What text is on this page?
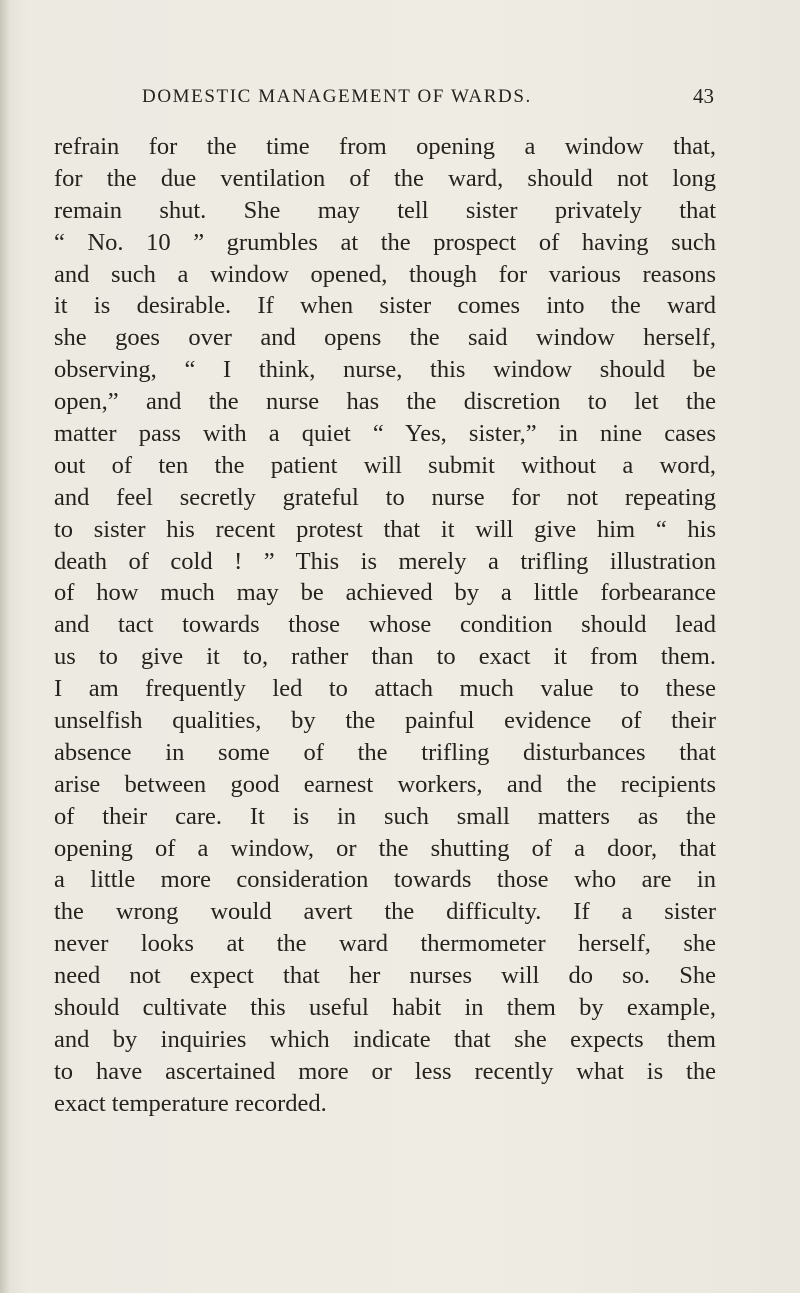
DOMESTIC MANAGEMENT OF WARDS.	43
refrain for the time from opening a window that,
for the due ventilation of the ward, should not long
remain shut. She may tell sister privately that
“ No. 10 ” grumbles at the prospect of having such
and such a window opened, though for various reasons
it is desirable. If when sister comes into the ward
she goes over and opens the said window herself,
observing, “ I think, nurse, this window should be
open,” and the nurse has the discretion to let the
matter pass with a quiet “ Yes, sister,” in nine cases
out of ten the patient will submit without a word,
and feel secretly grateful to nurse for not repeating
to sister his recent protest that it will give him “ his
death of cold ! ” This is merely a trifling illustration
of how much may be achieved by a little forbearance
and tact towards those whose condition should lead
us to give it to, rather than to exact it from them.
I am frequently led to attach much value to these
unselfish qualities, by the painful evidence of their
absence in some of the trifling disturbances that
arise between good earnest workers, and the recipients
of their care. It is in such small matters as the
opening of a window, or the shutting of a door, that
a little more consideration towards those who are in
the wrong would avert the difficulty. If a sister
never looks at the ward thermometer herself, she
need not expect that her nurses will do so. She
should cultivate this useful habit in them by example,
and by inquiries which indicate that she expects them
to have ascertained more or less recently what is the
exact temperature recorded.
